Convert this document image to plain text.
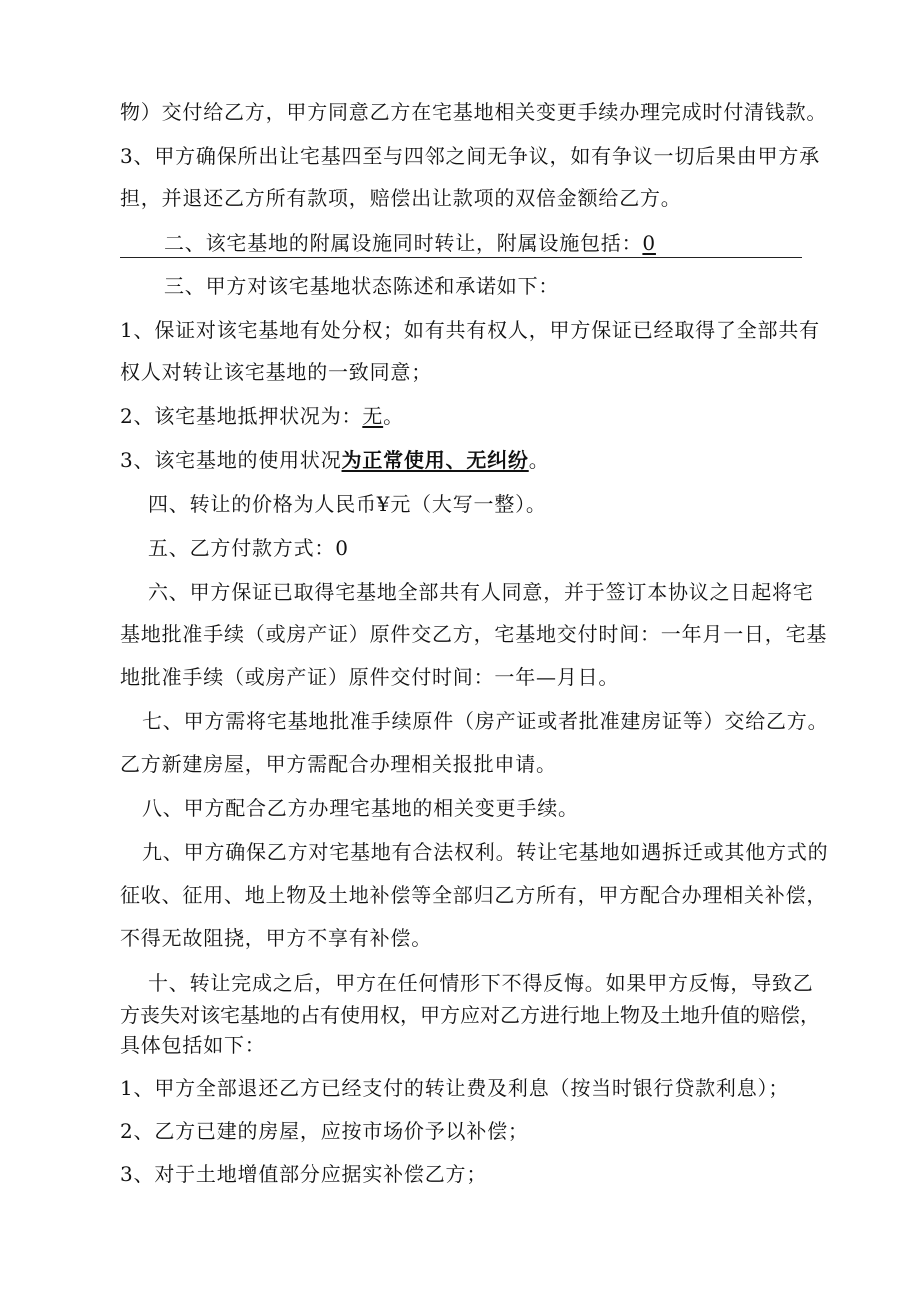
物）交付给乙方，甲方同意乙方在宅基地相关变更手续办理完成时付清钱款。
3、甲方确保所出让宅基四至与四邻之间无争议，如有争议一切后果由甲方承
担，并退还乙方所有款项，赔偿出让款项的双倍金额给乙方。
二、该宅基地的附属设施同时转让，附属设施包括：0
三、甲方对该宅基地状态陈述和承诺如下：
1、保证对该宅基地有处分权；如有共有权人，甲方保证已经取得了全部共有
权人对转让该宅基地的一致同意；
2、该宅基地抵押状况为：无。
3、该宅基地的使用状况为正常使用、无纠纷。
四、转让的价格为人民币¥元（大写一整）。
五、乙方付款方式：0
六、甲方保证已取得宅基地全部共有人同意，并于签订本协议之日起将宅
基地批准手续（或房产证）原件交乙方，宅基地交付时间：一年月一日，宅基
地批准手续（或房产证）原件交付时间：一年—月日。
七、甲方需将宅基地批准手续原件（房产证或者批准建房证等）交给乙方。
乙方新建房屋，甲方需配合办理相关报批申请。
八、甲方配合乙方办理宅基地的相关变更手续。
九、甲方确保乙方对宅基地有合法权利。转让宅基地如遇拆迁或其他方式的
征收、征用、地上物及土地补偿等全部归乙方所有，甲方配合办理相关补偿，
不得无故阻挠，甲方不享有补偿。
十、转让完成之后，甲方在任何情形下不得反悔。如果甲方反悔，导致乙
方丧失对该宅基地的占有使用权，甲方应对乙方进行地上物及土地升值的赔偿，
具体包括如下：
1、甲方全部退还乙方已经支付的转让费及利息（按当时银行贷款利息）；
2、乙方已建的房屋，应按市场价予以补偿；
3、对于土地增值部分应据实补偿乙方；
